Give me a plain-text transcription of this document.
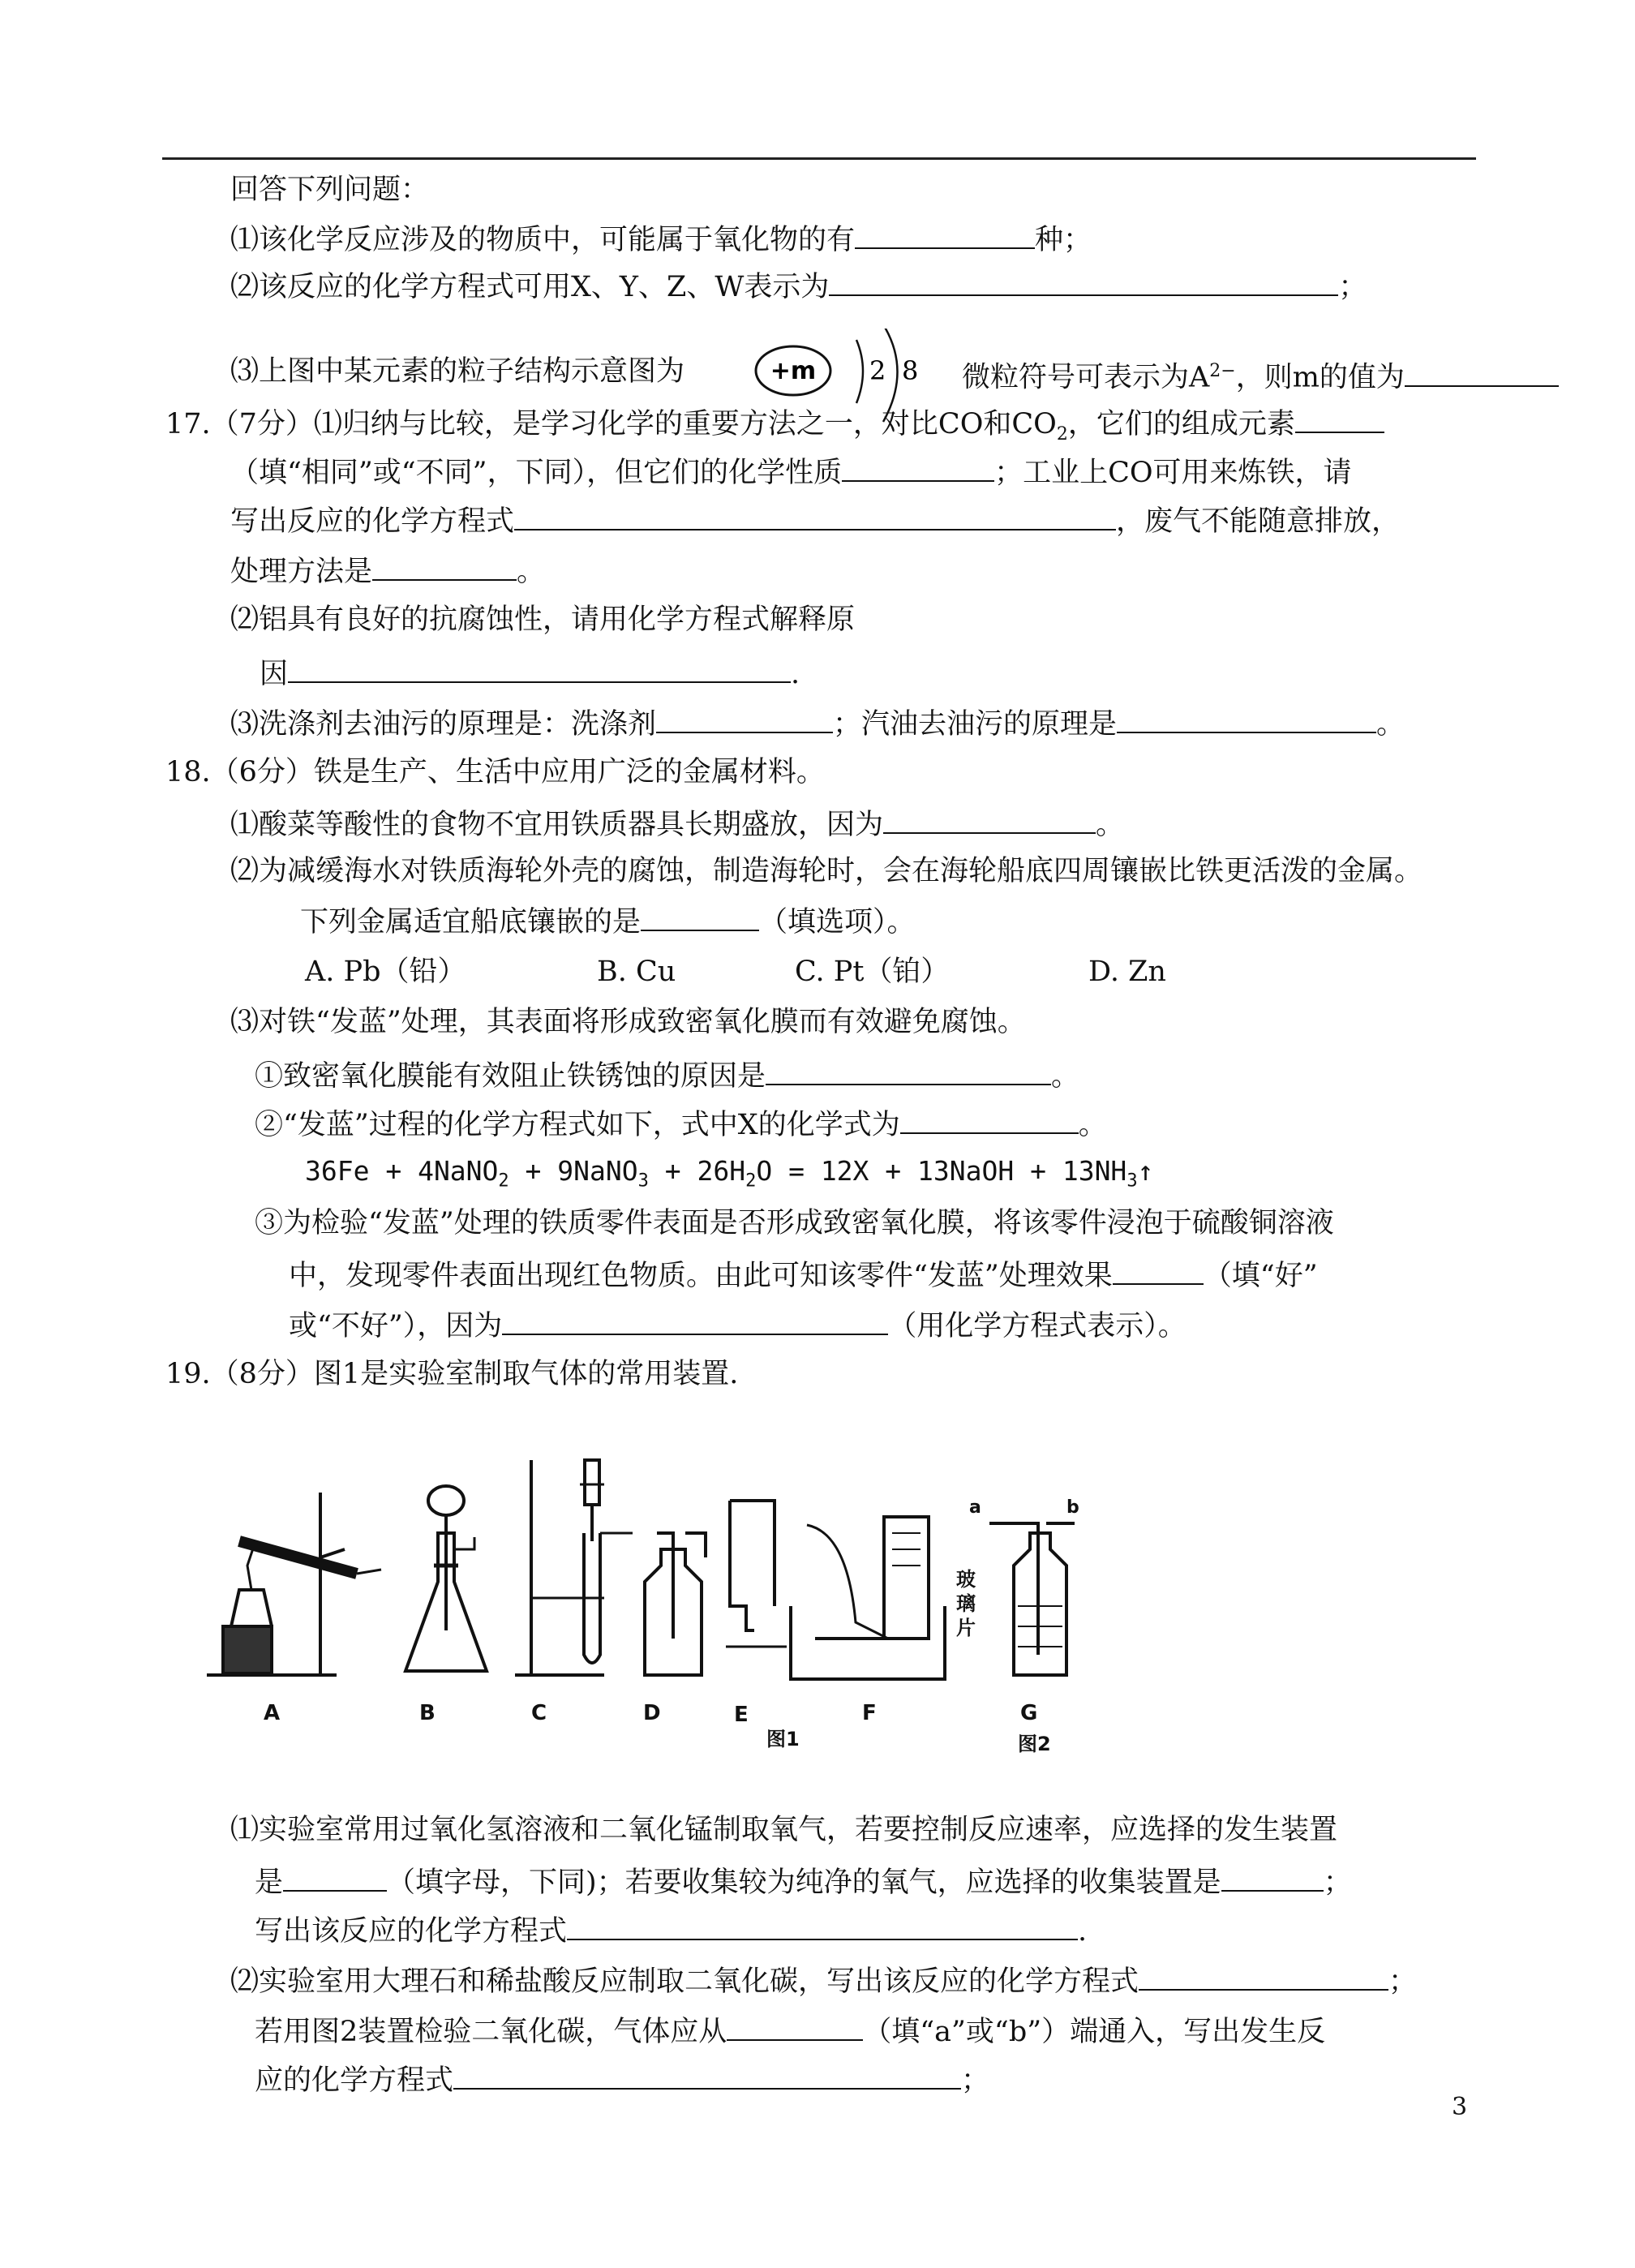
回答下列问题：
⑴该化学反应涉及的物质中，可能属于氧化物的有	种；
⑵该反应的化学方程式可用X、Y、Z、W表示为	；
⑶上图中某元素的粒子结构示意图为	+m 2 8 微粒符号可表示为$A^{2-}$，则m的值为
17.（7分）⑴归纳与比较，是学习化学的重要方法之一，对比CO和$CO_2$，它们的组成元素
（填“相同”或“不同”，下同），但它们的化学性质	；工业上CO可用来炼铁，请
写出反应的化学方程式	，废气不能随意排放，
处理方法是	。
⑵铝具有良好的抗腐蚀性，请用化学方程式解释原
因	.
⑶洗涤剂去油污的原理是：洗涤剂	；汽油去油污的原理是	。
18.（6分）铁是生产、生活中应用广泛的金属材料。
⑴酸菜等酸性的食物不宜用铁质器具长期盛放，因为	。
⑵为减缓海水对铁质海轮外壳的腐蚀，制造海轮时，会在海轮船底四周镶嵌比铁更活泼的金属。
下列金属适宜船底镶嵌的是	（填选项）。
A. Pb（铅）	B. Cu	C. Pt（铂）	D. Zn
⑶对铁“发蓝”处理，其表面将形成致密氧化膜而有效避免腐蚀。
①致密氧化膜能有效阻止铁锈蚀的原因是	。
②“发蓝”过程的化学方程式如下，式中X的化学式为	。
36Fe + 4NaNO$_2$ + 9NaNO$_3$ + $26H_2O = 12X$ + 13NaOH + $13NH_3↑$
③为检验“发蓝”处理的铁质零件表面是否形成致密氧化膜，将该零件浸泡于硫酸铜溶液
中，发现零件表面出现红色物质。由此可知该零件“发蓝”处理效果	（填“好”
或“不好”），因为	（用化学方程式表示）。
19.（8分）图1是实验室制取气体的常用装置.
A	B	C	D	E	F	G
图1	图2
玻
璃
片
a	b
⑴实验室常用过氧化氢溶液和二氧化锰制取氧气，若要控制反应速率，应选择的发生装置
是	（填字母，下同)；若要收集较为纯净的氧气，应选择的收集装置是	；
写出该反应的化学方程式	.
⑵实验室用大理石和稀盐酸反应制取二氧化碳，写出该反应的化学方程式	；
若用图2装置检验二氧化碳，气体应从	（填“a”或“b”）端通入，写出发生反
应的化学方程式	；
3
